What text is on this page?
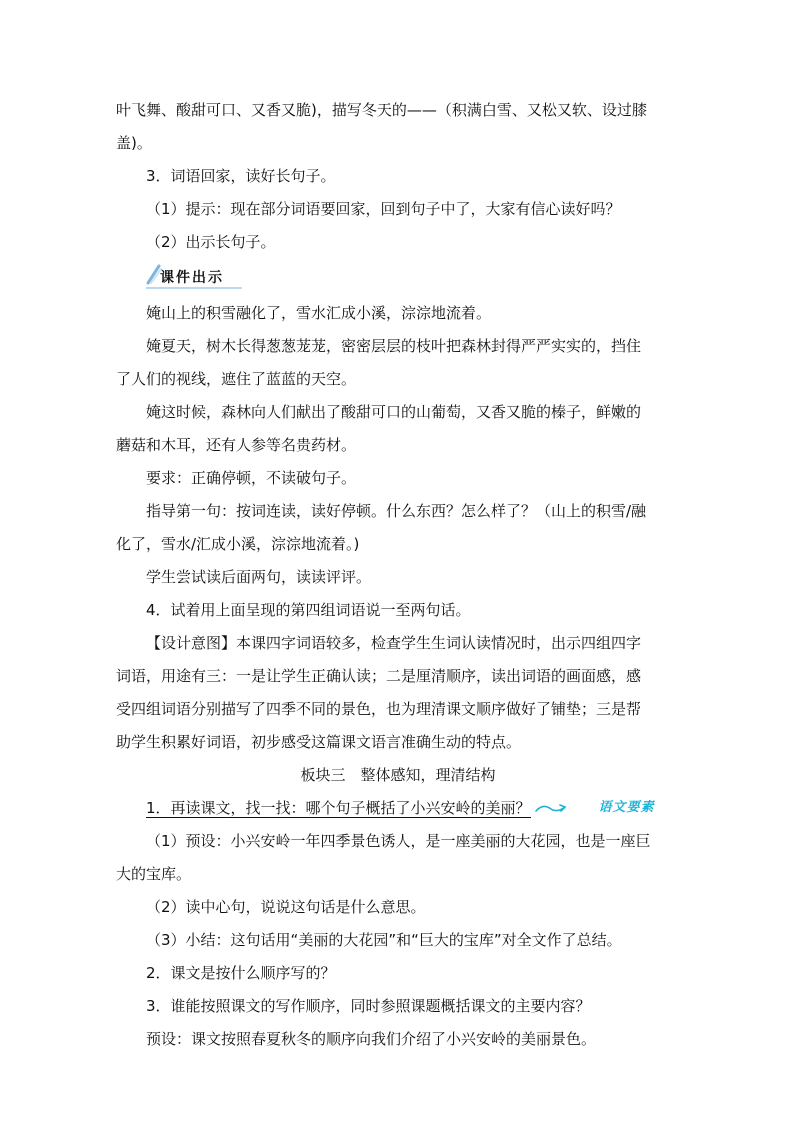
叶飞舞、酸甜可口、又香又脆)，描写冬天的——（积满白雪、又松又软、设过膝

盖)。

3．词语回家，读好长句子。

（1）提示：现在部分词语要回家，回到句子中了，大家有信心读好吗？

（2）出示长句子。

课件出示

㛪山上的积雪融化了，雪水汇成小溪，淙淙地流着。

㛪夏天，树木长得葱葱茏茏，密密层层的枝叶把森林封得严严实实的，挡住

了人们的视线，遮住了蓝蓝的天空。

㛪这时候，森林向人们献出了酸甜可口的山葡萄，又香又脆的榛子，鲜嫩的

蘑菇和木耳，还有人参等名贵药材。

要求：正确停顿，不读破句子。

指导第一句：按词连读，读好停顿。什么东西？怎么样了？（山上的积雪/融

化了，雪水/汇成小溪，淙淙地流着。)

学生尝试读后面两句，读读评评。

4．试着用上面呈现的第四组词语说一至两句话。

【设计意图】本课四字词语较多，检查学生生词认读情况时，出示四组四字

词语，用途有三：一是让学生正确认读；二是厘清顺序，读出词语的画面感，感

受四组词语分别描写了四季不同的景色，也为理清课文顺序做好了铺垫；三是帮

助学生积累好词语，初步感受这篇课文语言准确生动的特点。

板块三　整体感知，理清结构

1．再读课文，找一找：哪个句子概括了小兴安岭的美丽？	语文要素

（1）预设：小兴安岭一年四季景色诱人，是一座美丽的大花园，也是一座巨

大的宝库。

（2）读中心句，说说这句话是什么意思。

（3）小结：这句话用“美丽的大花园”和“巨大的宝库”对全文作了总结。

2．课文是按什么顺序写的？

3．谁能按照课文的写作顺序，同时参照课题概括课文的主要内容？

预设：课文按照春夏秋冬的顺序向我们介绍了小兴安岭的美丽景色。
